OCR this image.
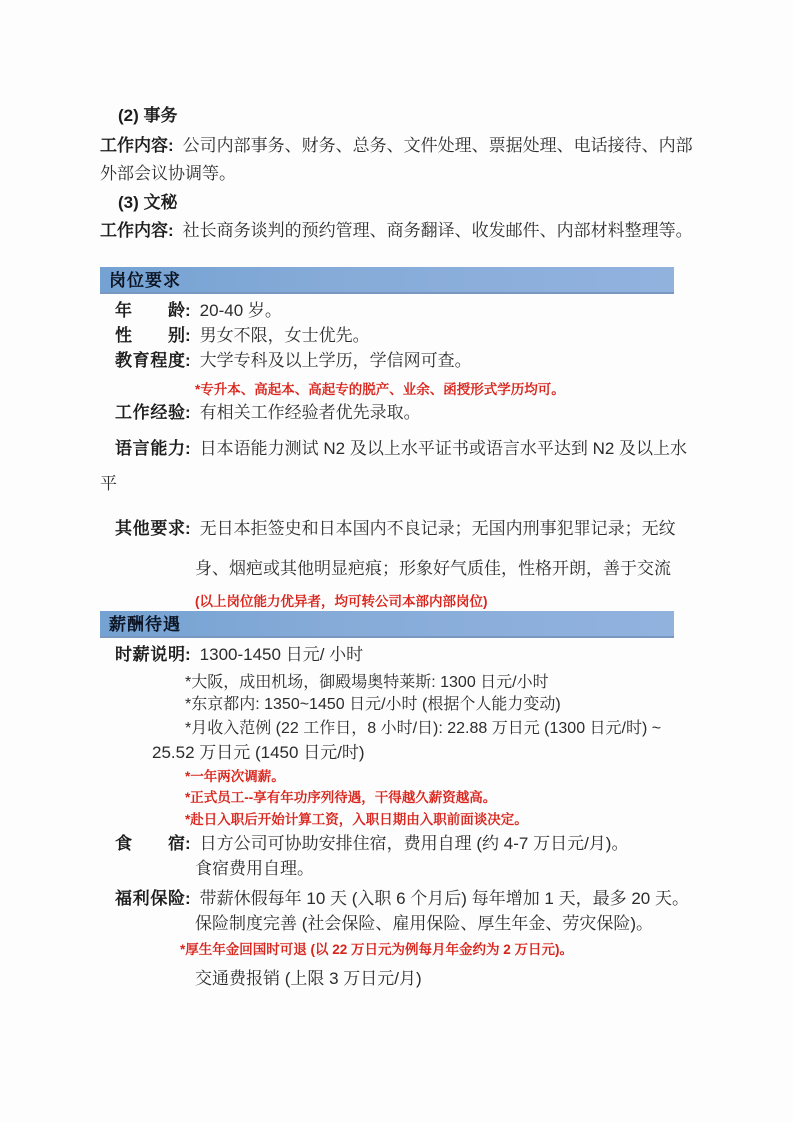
(2) 事务
工作内容: 公司内部事务、财务、总务、文件处理、票据处理、电话接待、内部
外部会议协调等。
(3) 文秘
工作内容: 社长商务谈判的预约管理、商务翻译、收发邮件、内部材料整理等。
岗位要求
年龄 : 20-40 岁。
性别 : 男女不限，女士优先。
教育程度 : 大学专科及以上学历，学信网可查。
*专升本、高起本、高起专的脱产、业余、函授形式学历均可。
工作经验 : 有相关工作经验者优先录取。
语言能力 : 日本语能力测试 N2 及以上水平证书或语言水平达到 N2 及以上水
平
其他要求 : 无日本拒签史和日本国内不良记录；无国内刑事犯罪记录；无纹
身、烟疤或其他明显疤痕；形象好气质佳，性格开朗，善于交流
(以上岗位能力优异者，均可转公司本部内部岗位)
薪酬待遇
时薪说明 : 1300-1450 日元/ 小时
*大阪，成田机场，御殿場奥特莱斯: 1300 日元/小时
*东京都内: 1350~1450 日元/小时 (根据个人能力变动)
*月收入范例 (22 工作日，8 小时/日): 22.88 万日元 (1300 日元/时) ~
25.52 万日元 (1450 日元/时)
*一年两次调薪。
*正式员工--享有年功序列待遇，干得越久薪资越高。
*赴日入职后开始计算工资，入职日期由入职前面谈决定。
食宿 : 日方公司可协助安排住宿，费用自理 (约 4-7 万日元/月)。
食宿费用自理。
福利保险 : 带薪休假每年 10 天 (入职 6 个月后) 每年增加 1 天，最多 20 天。
保险制度完善 (社会保险、雇用保险、厚生年金、劳灾保险)。
*厚生年金回国时可退 (以 22 万日元为例每月年金约为 2 万日元)。
交通费报销 (上限 3 万日元/月)
